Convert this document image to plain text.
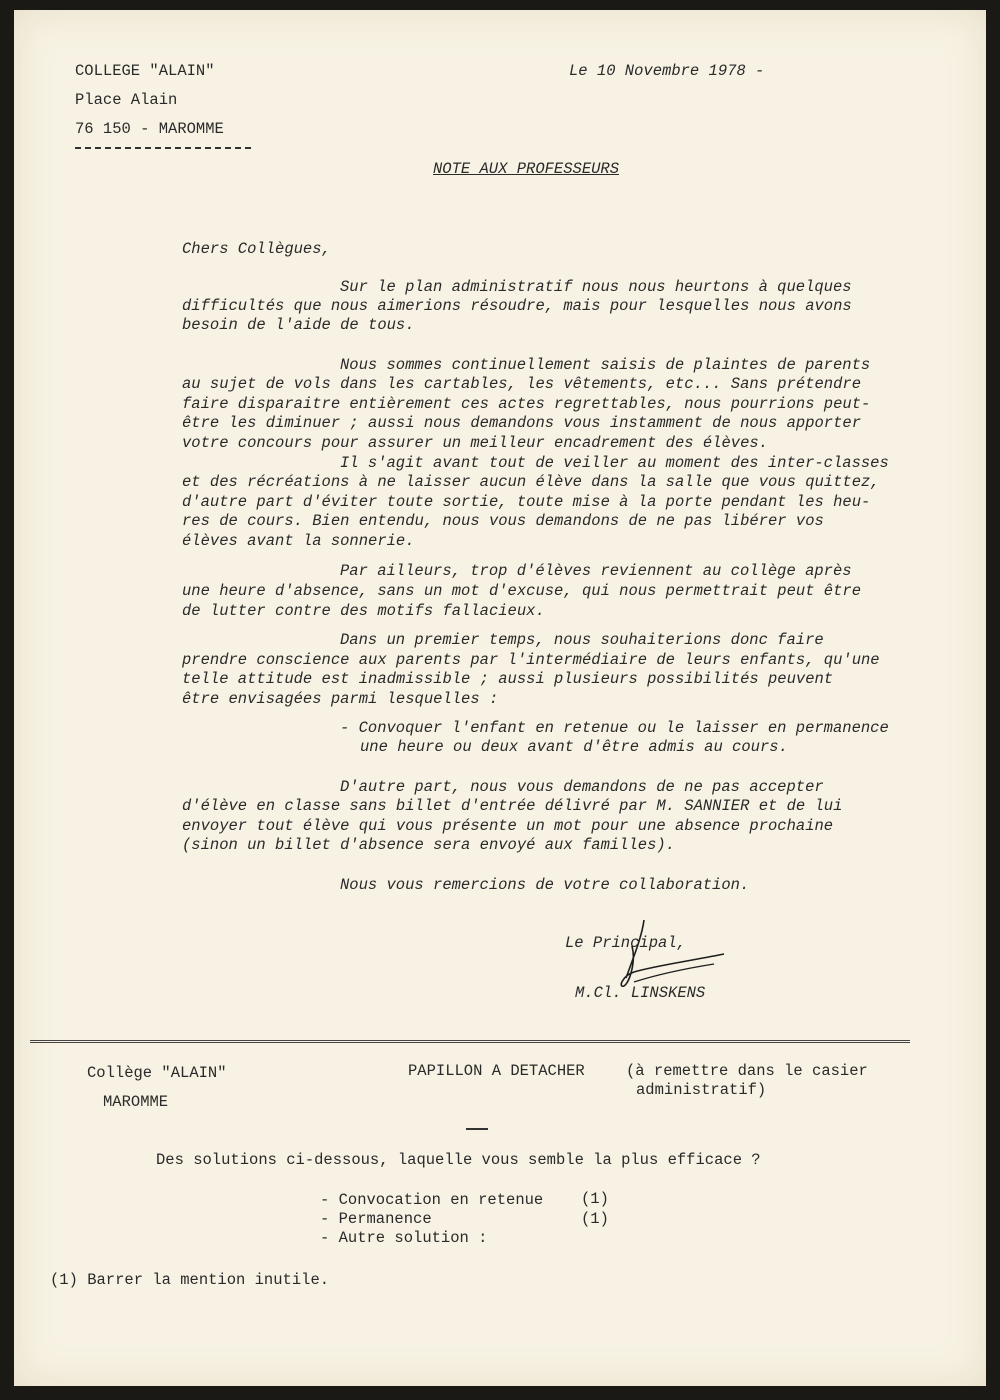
COLLEGE "ALAIN"
Place Alain
76 150 - MAROMME
Le 10 Novembre 1978 -
NOTE AUX PROFESSEURS
Chers Collègues,
Sur le plan administratif nous nous heurtons à quelques
difficultés que nous aimerions résoudre, mais pour lesquelles nous avons
besoin de l'aide de tous.
Nous sommes continuellement saisis de plaintes de parents
au sujet de vols dans les cartables, les vêtements, etc... Sans prétendre
faire disparaitre entièrement ces actes regrettables, nous pourrions peut-
être les diminuer ; aussi nous demandons vous instamment de nous apporter
votre concours pour assurer un meilleur encadrement des élèves.
Il s'agit avant tout de veiller au moment des inter-classes
et des récréations à ne laisser aucun élève dans la salle que vous quittez,
d'autre part d'éviter toute sortie, toute mise à la porte pendant les heu-
res de cours. Bien entendu, nous vous demandons de ne pas libérer vos
élèves avant la sonnerie.
Par ailleurs, trop d'élèves reviennent au collège après
une heure d'absence, sans un mot d'excuse, qui nous permettrait peut être
de lutter contre des motifs fallacieux.
Dans un premier temps, nous souhaiterions donc faire
prendre conscience aux parents par l'intermédiaire de leurs enfants, qu'une
telle attitude est inadmissible ; aussi plusieurs possibilités peuvent
être envisagées parmi lesquelles :
- Convoquer l'enfant en retenue ou le laisser en permanence
une heure ou deux avant d'être admis au cours.
D'autre part, nous vous demandons de ne pas accepter
d'élève en classe sans billet d'entrée délivré par M. SANNIER et de lui
envoyer tout élève qui vous présente un mot pour une absence prochaine
(sinon un billet d'absence sera envoyé aux familles).
Nous vous remercions de votre collaboration.
Le Principal,
M.Cl. LINSKENS
Collège "ALAIN"
MAROMME
PAPILLON A DETACHER	(à remettre dans le casier
administratif)
Des solutions ci-dessous, laquelle vous semble la plus efficace ?
- Convocation en retenue (1)
- Permanence	(1)
- Autre solution :
(1) Barrer la mention inutile.
